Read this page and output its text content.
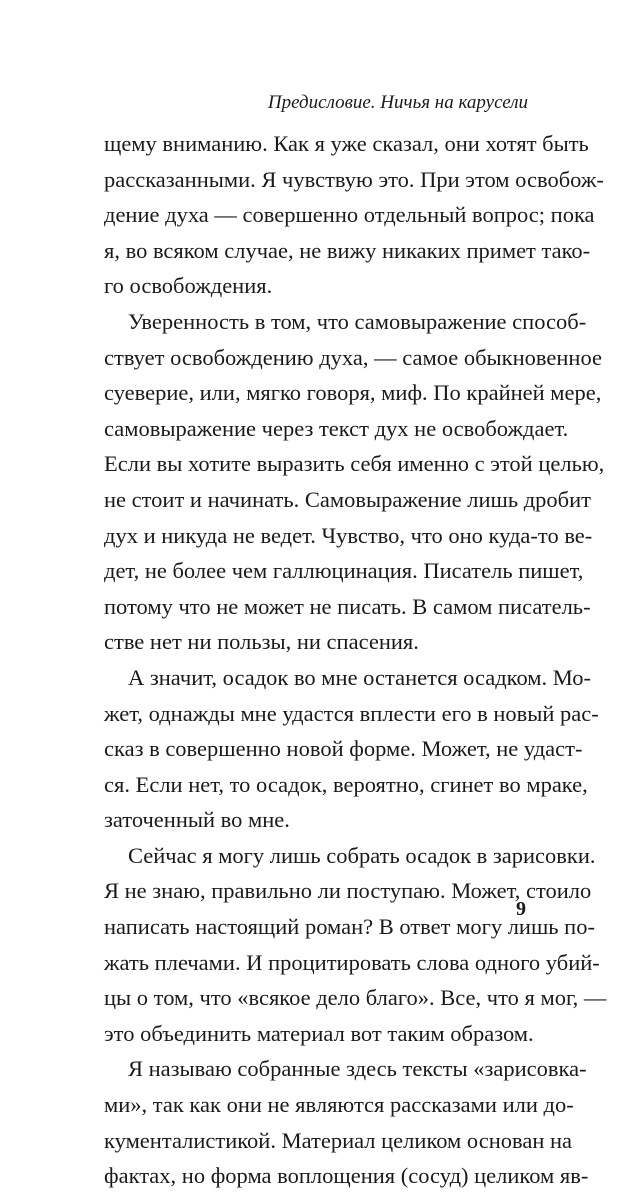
Предисловие. Ничья на карусели
щему вниманию. Как я уже сказал, они хотят быть
рассказанными. Я чувствую это. При этом освобож-
дение духа — совершенно отдельный вопрос; пока
я, во всяком случае, не вижу никаких примет тако-
го освобождения.
Уверенность в том, что самовыражение способ-
ствует освобождению духа, — самое обыкновенное
суеверие, или, мягко говоря, миф. По крайней мере,
самовыражение через текст дух не освобождает.
Если вы хотите выразить себя именно с этой целью,
не стоит и начинать. Самовыражение лишь дробит
дух и никуда не ведет. Чувство, что оно куда-то ве-
дет, не более чем галлюцинация. Писатель пишет,
потому что не может не писать. В самом писатель-
стве нет ни пользы, ни спасения.
А значит, осадок во мне останется осадком. Мо-
жет, однажды мне удастся вплести его в новый рас-
сказ в совершенно новой форме. Может, не удаст-
ся. Если нет, то осадок, вероятно, сгинет во мраке,
заточенный во мне.
Сейчас я могу лишь собрать осадок в зарисовки.
Я не знаю, правильно ли поступаю. Может, стоило
написать настоящий роман? В ответ могу лишь по-
жать плечами. И процитировать слова одного убий-
цы о том, что «всякое дело благо». Все, что я мог, —
это объединить материал вот таким образом.
Я называю собранные здесь тексты «зарисовка-
ми», так как они не являются рассказами или до-
кументалистикой. Материал целиком основан на
фактах, но форма воплощения (сосуд) целиком яв-
9
